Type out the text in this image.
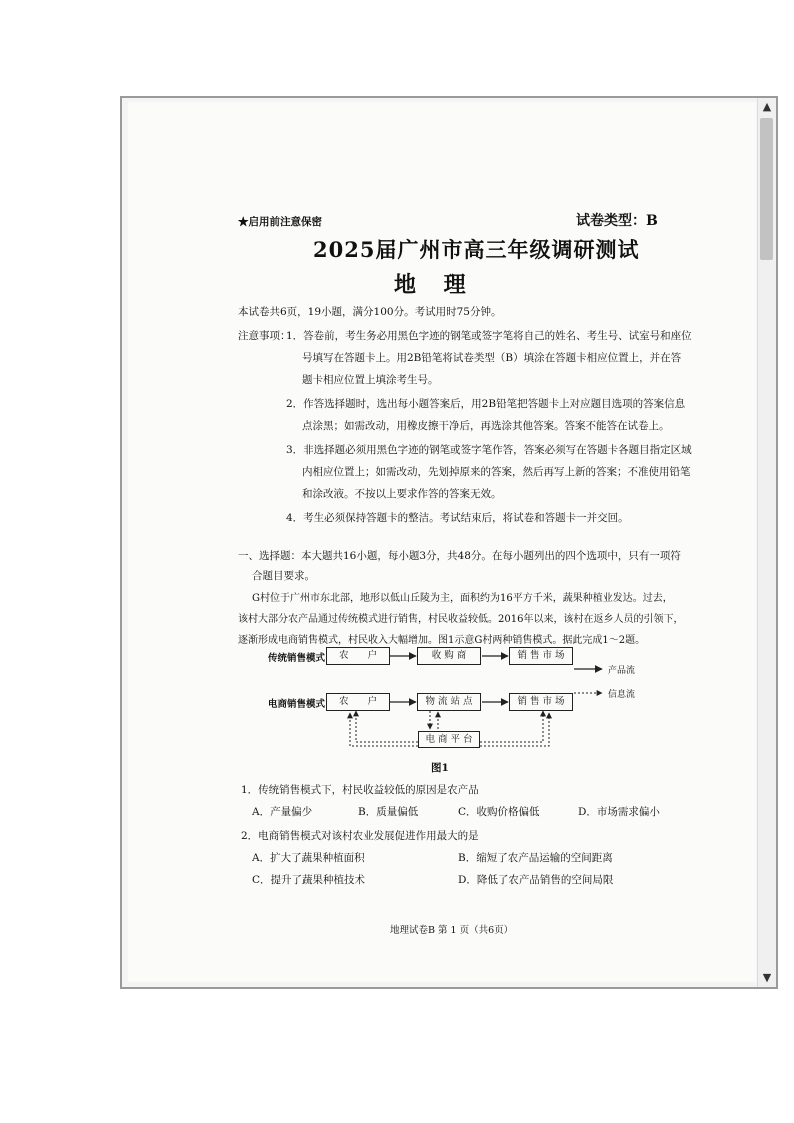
★启用前注意保密	试卷类型：B
2025届广州市高三年级调研测试
地 理
本试卷共6页，19小题，满分100分。考试用时75分钟。
注意事项：
1．答卷前，考生务必用黑色字迹的钢笔或签字笔将自己的姓名、考生号、试室号和座位
号填写在答题卡上。用2B铅笔将试卷类型（B）填涂在答题卡相应位置上，并在答
题卡相应位置上填涂考生号。
2．作答选择题时，选出每小题答案后，用2B铅笔把答题卡上对应题目选项的答案信息
点涂黑；如需改动，用橡皮擦干净后，再选涂其他答案。答案不能答在试卷上。
3．非选择题必须用黑色字迹的钢笔或签字笔作答，答案必须写在答题卡各题目指定区域
内相应位置上；如需改动，先划掉原来的答案，然后再写上新的答案；不准使用铅笔
和涂改液。不按以上要求作答的答案无效。
4．考生必须保持答题卡的整洁。考试结束后，将试卷和答题卡一并交回。
一、选择题：本大题共16小题，每小题3分，共48分。在每小题列出的四个选项中，只有一项符
合题目要求。
G村位于广州市东北部，地形以低山丘陵为主，面积约为16平方千米，蔬果种植业发达。过去，
该村大部分农产品通过传统模式进行销售，村民收益较低。2016年以来，该村在返乡人员的引领下，
逐渐形成电商销售模式，村民收入大幅增加。图1示意G村两种销售模式。据此完成1～2题。
传统销售模式
电商销售模式
农　　户	收 购 商	销 售 市 场
农　　户	物 流 站 点	销 售 市 场
电 商 平 台
产品流
信息流
图1
1．传统销售模式下，村民收益较低的原因是农产品
A．产量偏少	B．质量偏低	C．收购价格偏低	D．市场需求偏小
2．电商销售模式对该村农业发展促进作用最大的是
A．扩大了蔬果种植面积	B．缩短了农产品运输的空间距离
C．提升了蔬果种植技术	D．降低了农产品销售的空间局限
地理试卷B 第 1 页（共6页）
▲
▼
